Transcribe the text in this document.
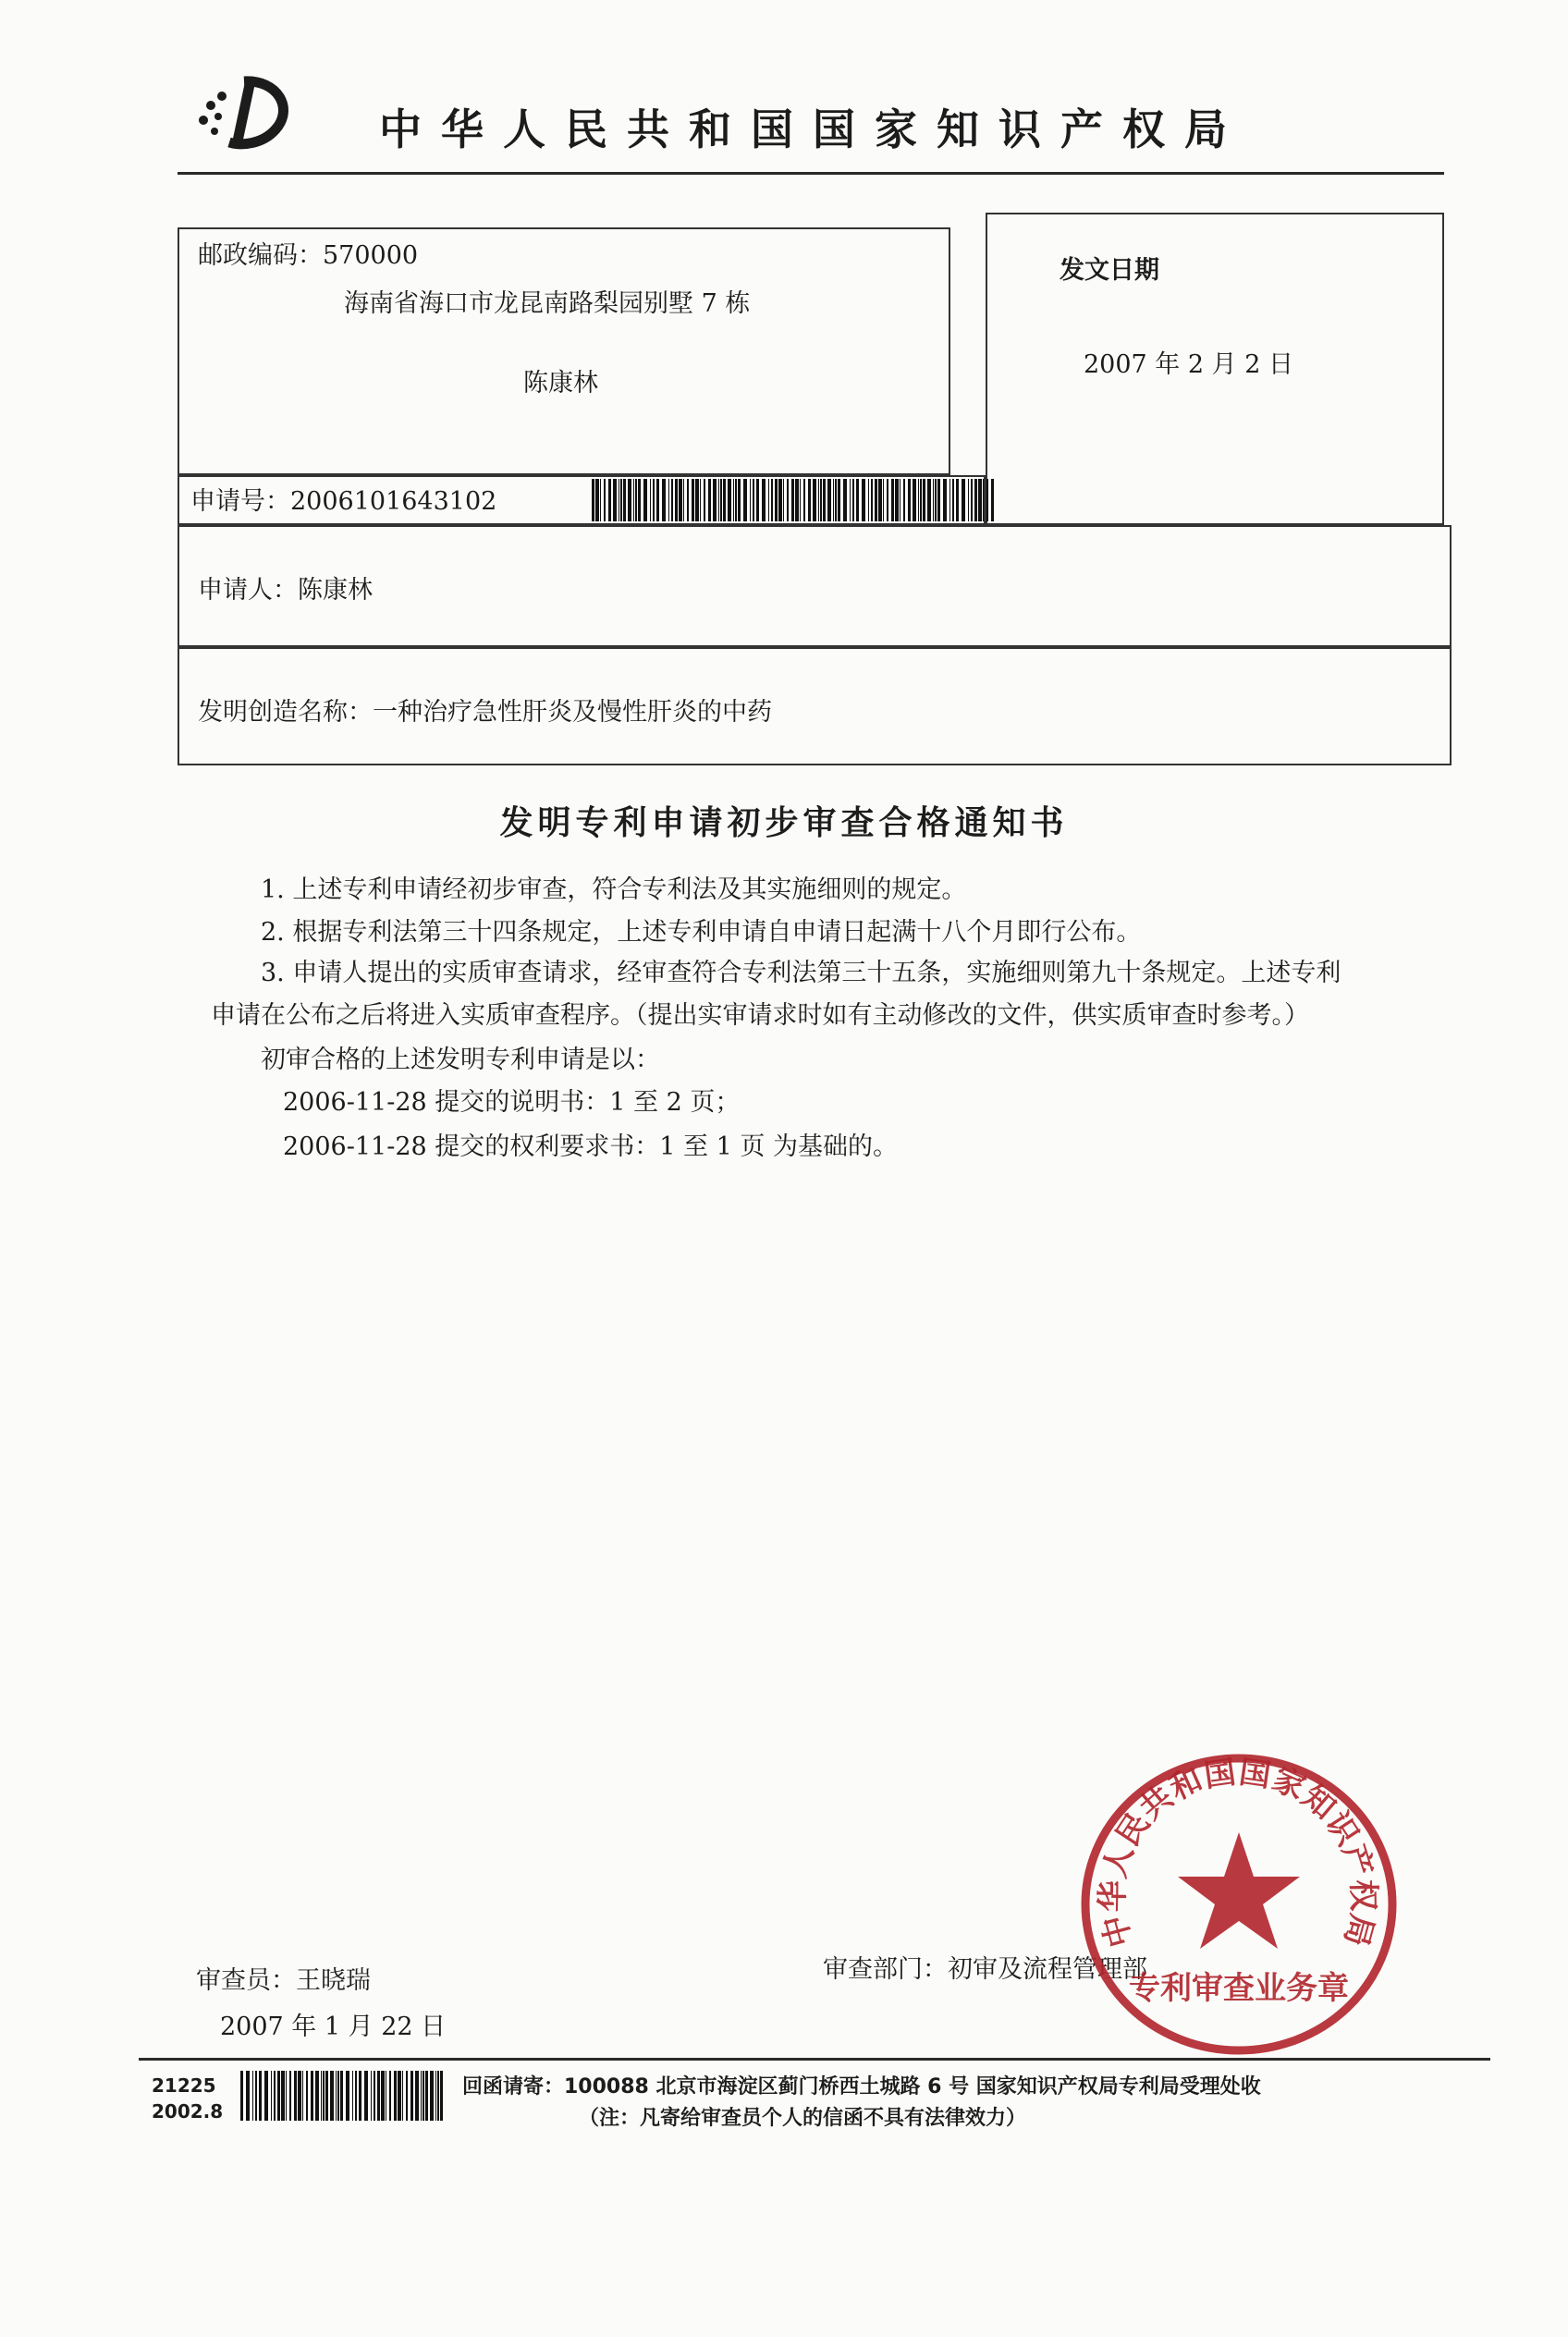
中华人民共和国国家知识产权局
邮政编码：570000
海南省海口市龙昆南路梨园别墅 7 栋
陈康林
发文日期
2007 年 2 月 2 日
申请号：2006101643102
申请人：陈康林
发明创造名称：一种治疗急性肝炎及慢性肝炎的中药
发明专利申请初步审查合格通知书
1. 上述专利申请经初步审查，符合专利法及其实施细则的规定。
2. 根据专利法第三十四条规定，上述专利申请自申请日起满十八个月即行公布。
3. 申请人提出的实质审查请求，经审查符合专利法第三十五条，实施细则第九十条规定。上述专利
申请在公布之后将进入实质审查程序。（提出实审请求时如有主动修改的文件，供实质审查时参考。）
初审合格的上述发明专利申请是以：
2006-11-28 提交的说明书：1 至 2 页；
2006-11-28 提交的权利要求书：1 至 1 页 为基础的。
审查员：王晓瑞
2007 年 1 月 22 日
审查部门：初审及流程管理部
中华人民共和国国家知识产权局
专利审查业务章
21225
2002.8
回函请寄：100088 北京市海淀区蓟门桥西土城路 6 号 国家知识产权局专利局受理处收
（注：凡寄给审查员个人的信函不具有法律效力）
